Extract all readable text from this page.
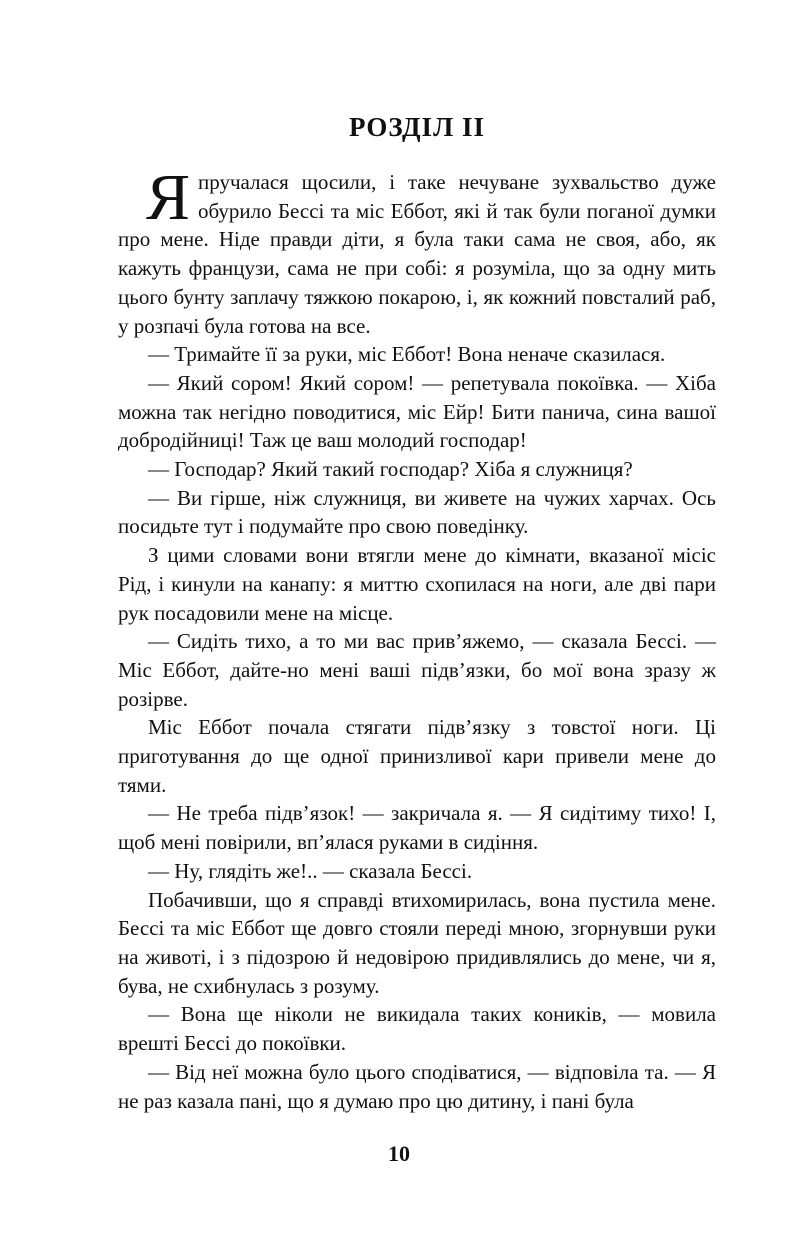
РОЗДІЛ II

Япручалася щосили, і таке нечуване зухвальство дуже обурило Бессі та міс Еббот, які й так були поганої думки про мене. Ніде правди діти, я була таки сама не своя, або, як кажуть французи, сама не при собі: я розуміла, що за одну мить цього бунту заплачу тяжкою покарою, і, як кожний повсталий раб, у розпачі була готова на все.

— Тримайте її за руки, міс Еббот! Вона неначе сказилася.

— Який сором! Який сором! — репетувала покоївка. — Хіба можна так негідно поводитися, міс Ейр! Бити панича, сина вашої добродійниці! Таж це ваш молодий господар!

— Господар? Який такий господар? Хіба я служниця?

— Ви гірше, ніж служниця, ви живете на чужих харчах. Ось посидьте тут і подумайте про свою поведінку.

З цими словами вони втягли мене до кімнати, вказаної місіс Рід, і кинули на канапу: я миттю схопилася на ноги, але дві пари рук посадовили мене на місце.

— Сидіть тихо, а то ми вас прив’яжемо, — сказала Бессі. — Міс Еббот, дайте-но мені ваші підв’язки, бо мої вона зразу ж розірве.

Міс Еббот почала стягати підв’язку з товстої ноги. Ці приготування до ще одної принизливої кари привели мене до тями.

— Не треба підв’язок! — закричала я. — Я сидітиму тихо! І, щоб мені повірили, вп’ялася руками в сидіння.

— Ну, глядіть же!.. — сказала Бессі.

Побачивши, що я справді втихомирилась, вона пустила мене. Бессі та міс Еббот ще довго стояли переді мною, згорнувши руки на животі, і з підозрою й недовірою придивлялись до мене, чи я, бува, не схибнулась з розуму.

— Вона ще ніколи не викидала таких коників, — мовила врешті Бессі до покоївки.

— Від неї можна було цього сподіватися, — відповіла та. — Я не раз казала пані, що я думаю про цю дитину, і пані була

10
